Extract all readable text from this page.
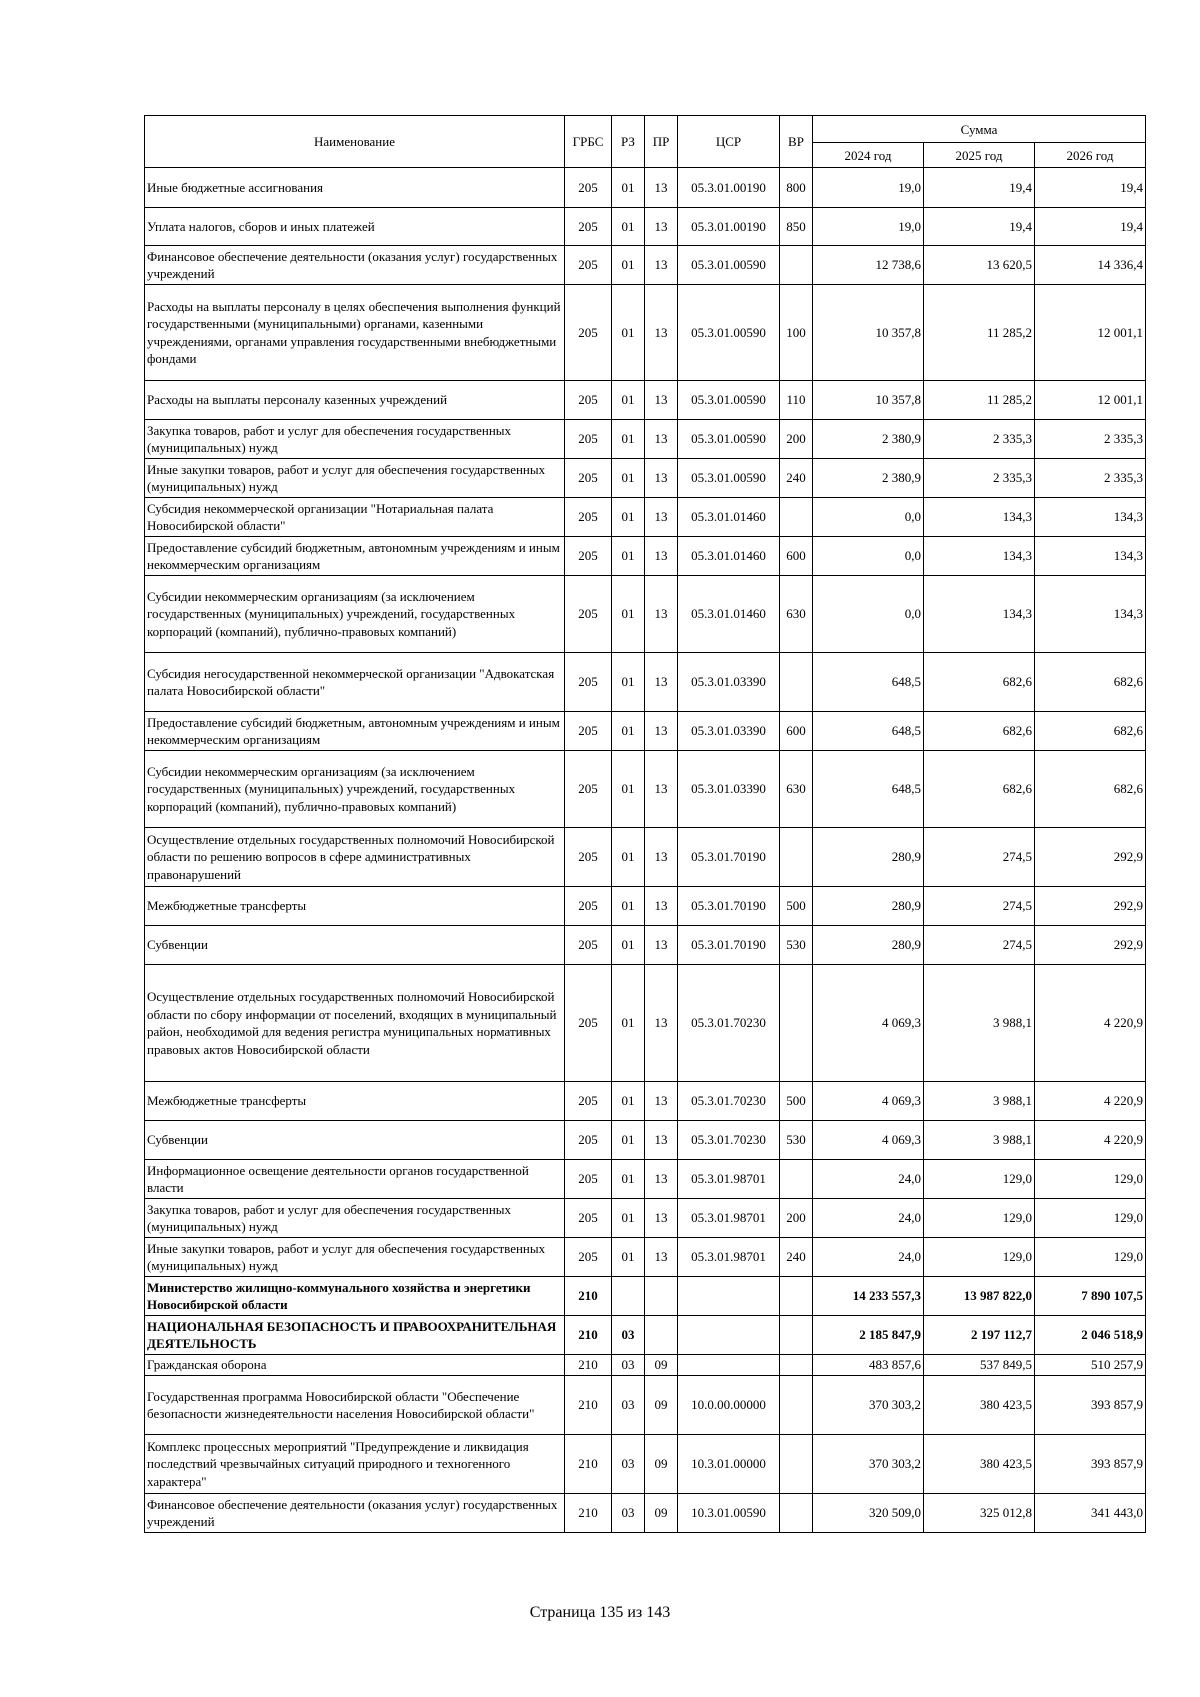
Наименование	ГРБС	РЗ	ПР	ЦСР	ВР	Сумма		
						2024 год	2025 год	2026 год
Иные бюджетные ассигнования	205	01	13	05.3.01.00190	800	19,0	19,4	19,4
Уплата налогов, сборов и иных платежей	205	01	13	05.3.01.00190	850	19,0	19,4	19,4
Финансовое обеспечение деятельности (оказания услуг) государственных учреждений	205	01	13	05.3.01.00590		12 738,6	13 620,5	14 336,4
Расходы на выплаты персоналу в целях обеспечения выполнения функций государственными (муниципальными) органами, казенными учреждениями, органами управления государственными внебюджетными фондами	205	01	13	05.3.01.00590	100	10 357,8	11 285,2	12 001,1
Расходы на выплаты персоналу казенных учреждений	205	01	13	05.3.01.00590	110	10 357,8	11 285,2	12 001,1
Закупка товаров, работ и услуг для обеспечения государственных (муниципальных) нужд	205	01	13	05.3.01.00590	200	2 380,9	2 335,3	2 335,3
Иные закупки товаров, работ и услуг для обеспечения государственных (муниципальных) нужд	205	01	13	05.3.01.00590	240	2 380,9	2 335,3	2 335,3
Субсидия некоммерческой организации "Нотариальная палата Новосибирской области"	205	01	13	05.3.01.01460		0,0	134,3	134,3
Предоставление субсидий бюджетным, автономным учреждениям и иным некоммерческим организациям	205	01	13	05.3.01.01460	600	0,0	134,3	134,3
Субсидии некоммерческим организациям (за исключением государственных (муниципальных) учреждений, государственных корпораций (компаний), публично-правовых компаний)	205	01	13	05.3.01.01460	630	0,0	134,3	134,3
Субсидия негосударственной некоммерческой организации "Адвокатская палата Новосибирской области"	205	01	13	05.3.01.03390		648,5	682,6	682,6
Предоставление субсидий бюджетным, автономным учреждениям и иным некоммерческим организациям	205	01	13	05.3.01.03390	600	648,5	682,6	682,6
Субсидии некоммерческим организациям (за исключением государственных (муниципальных) учреждений, государственных корпораций (компаний), публично-правовых компаний)	205	01	13	05.3.01.03390	630	648,5	682,6	682,6
Осуществление отдельных государственных полномочий Новосибирской области по решению вопросов в сфере административных правонарушений	205	01	13	05.3.01.70190		280,9	274,5	292,9
Межбюджетные трансферты	205	01	13	05.3.01.70190	500	280,9	274,5	292,9
Субвенции	205	01	13	05.3.01.70190	530	280,9	274,5	292,9
Осуществление отдельных государственных полномочий Новосибирской области по сбору информации от поселений, входящих в муниципальный район, необходимой для ведения регистра муниципальных нормативных правовых актов Новосибирской области	205	01	13	05.3.01.70230		4 069,3	3 988,1	4 220,9
Межбюджетные трансферты	205	01	13	05.3.01.70230	500	4 069,3	3 988,1	4 220,9
Субвенции	205	01	13	05.3.01.70230	530	4 069,3	3 988,1	4 220,9
Информационное освещение деятельности органов государственной власти	205	01	13	05.3.01.98701		24,0	129,0	129,0
Закупка товаров, работ и услуг для обеспечения государственных (муниципальных) нужд	205	01	13	05.3.01.98701	200	24,0	129,0	129,0
Иные закупки товаров, работ и услуг для обеспечения государственных (муниципальных) нужд	205	01	13	05.3.01.98701	240	24,0	129,0	129,0
Министерство жилищно-коммунального хозяйства и энергетики Новосибирской области	210					14 233 557,3	13 987 822,0	7 890 107,5
НАЦИОНАЛЬНАЯ БЕЗОПАСНОСТЬ И ПРАВООХРАНИТЕЛЬНАЯ ДЕЯТЕЛЬНОСТЬ	210	03				2 185 847,9	2 197 112,7	2 046 518,9
Гражданская оборона	210	03	09			483 857,6	537 849,5	510 257,9
Государственная программа Новосибирской области "Обеспечение безопасности жизнедеятельности населения Новосибирской области"	210	03	09	10.0.00.00000		370 303,2	380 423,5	393 857,9
Комплекс процессных мероприятий "Предупреждение и ликвидация последствий чрезвычайных ситуаций природного и техногенного характера"	210	03	09	10.3.01.00000		370 303,2	380 423,5	393 857,9
Финансовое обеспечение деятельности (оказания услуг) государственных учреждений	210	03	09	10.3.01.00590		320 509,0	325 012,8	341 443,0
Страница 135 из 143
